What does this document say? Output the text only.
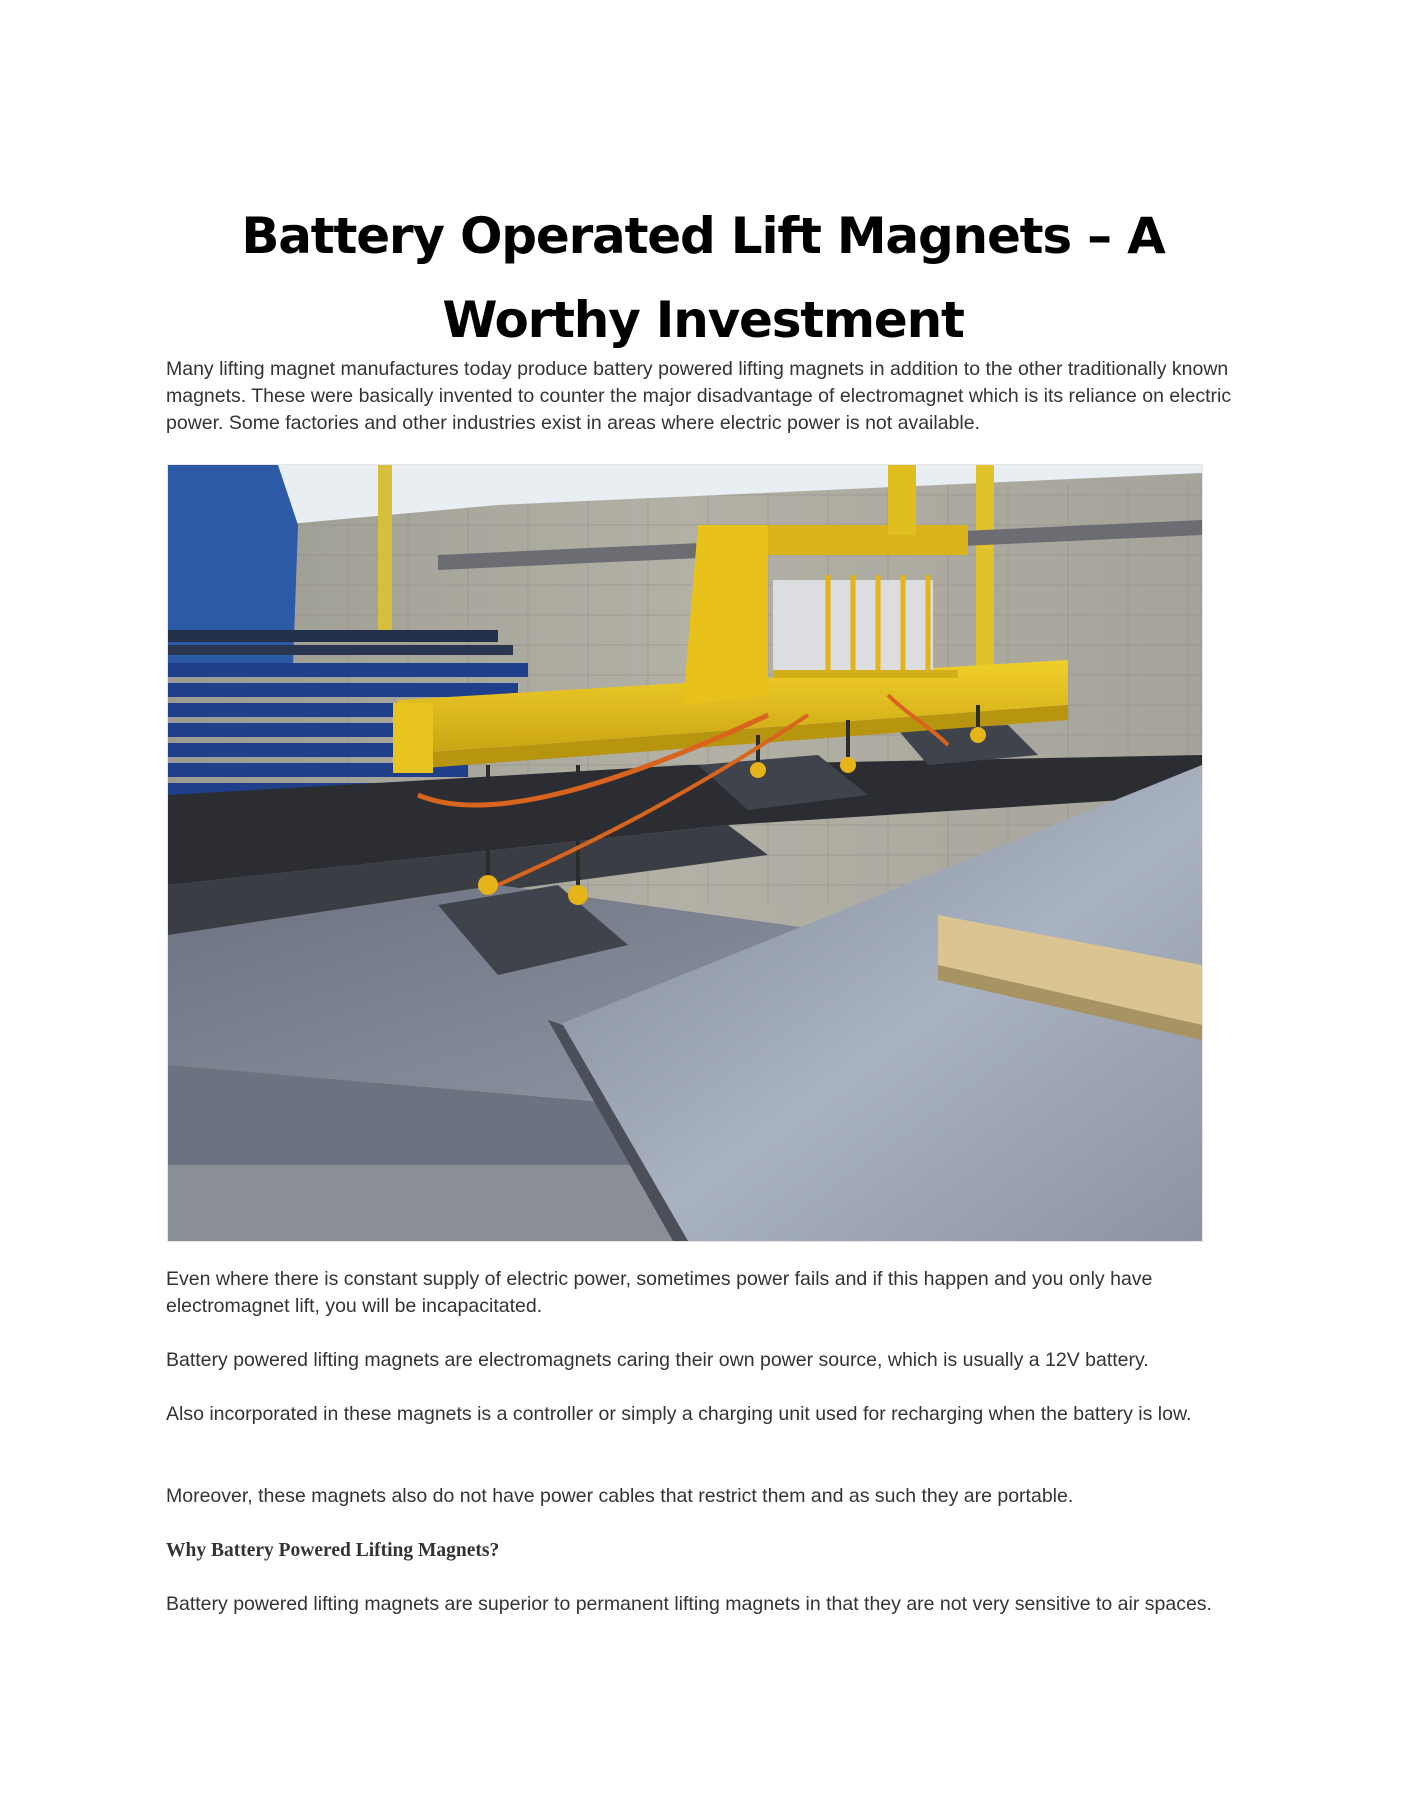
Battery Operated Lift Magnets – A Worthy Investment

Many lifting magnet manufactures today produce battery powered lifting magnets in addition to the other traditionally known magnets. These were basically invented to counter the major disadvantage of electromagnet which is its reliance on electric power. Some factories and other industries exist in areas where electric power is not available.

Even where there is constant supply of electric power, sometimes power fails and if this happen and you only have electromagnet lift, you will be incapacitated.

Battery powered lifting magnets are electromagnets caring their own power source, which is usually a 12V battery.

Also incorporated in these magnets is a controller or simply a charging unit used for recharging when the battery is low.

Moreover, these magnets also do not have power cables that restrict them and as such they are portable.

Why Battery Powered Lifting Magnets?

Battery powered lifting magnets are superior to permanent lifting magnets in that they are not very sensitive to air spaces.
